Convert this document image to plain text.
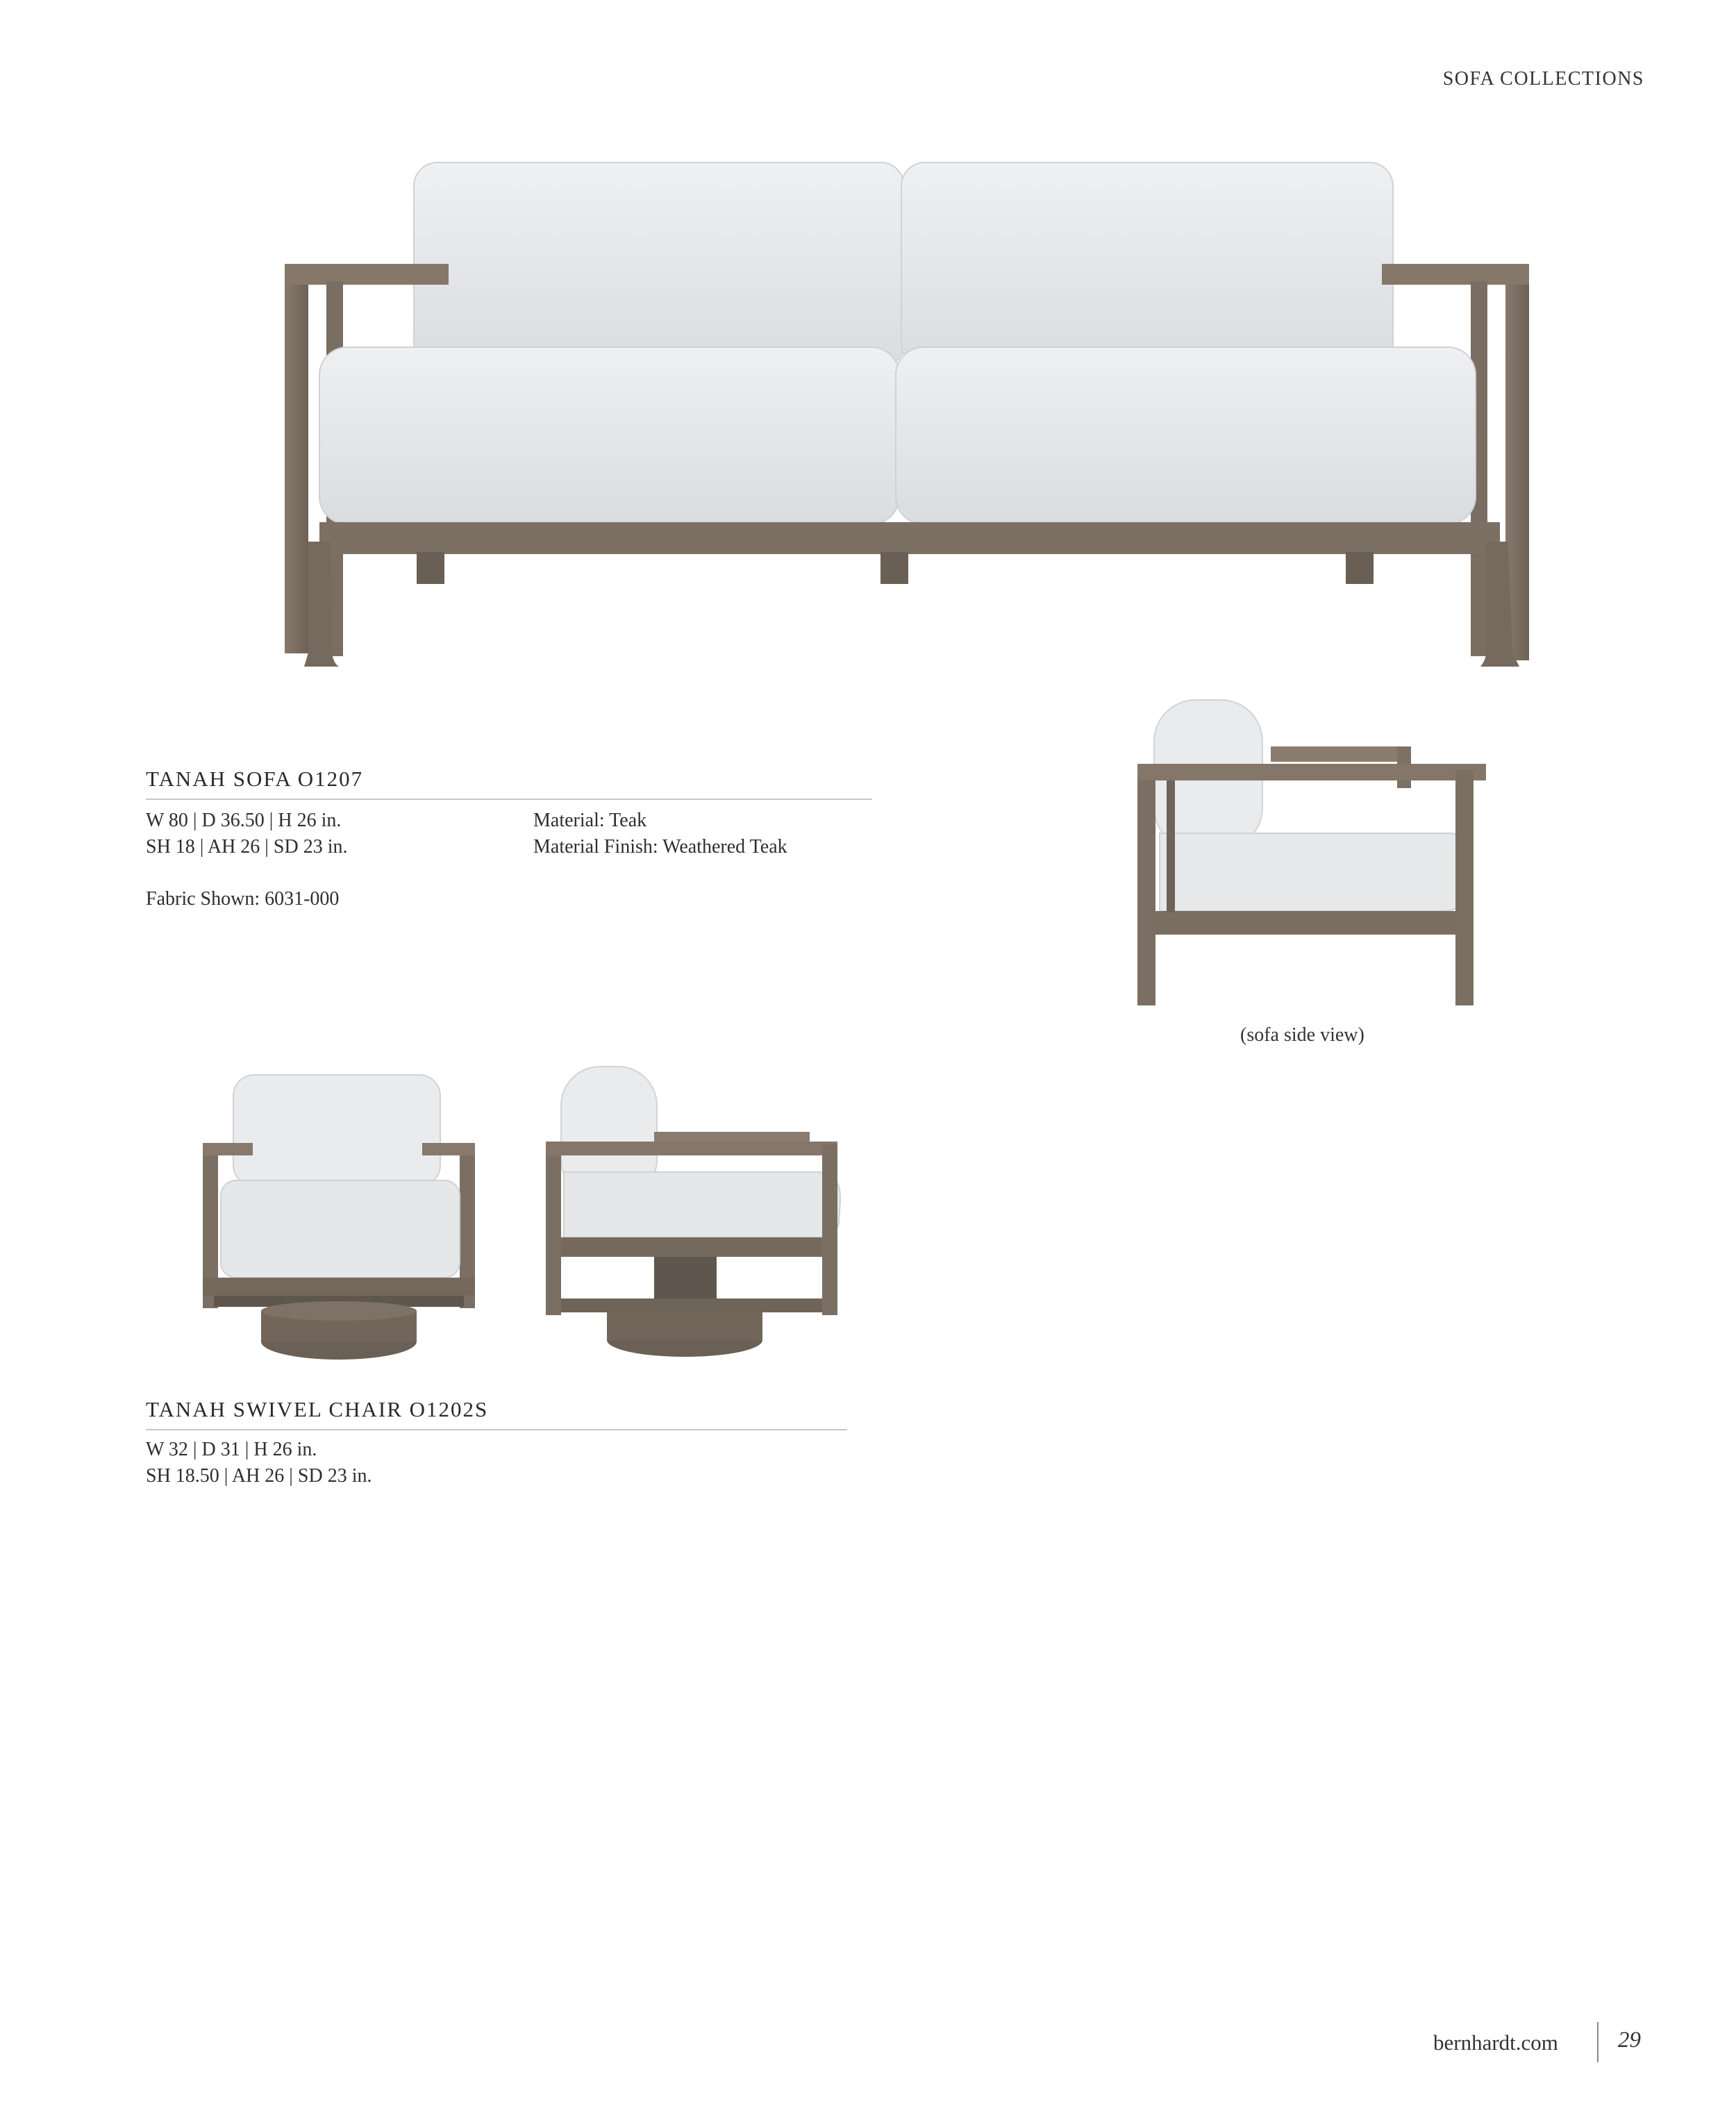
SOFA COLLECTIONS
TANAH SOFA O1207
W 80 | D 36.50 | H 26 in.
SH 18 | AH 26 | SD 23 in.
Material: Teak
Material Finish: Weathered Teak
Fabric Shown: 6031-000
(sofa side view)
TANAH SWIVEL CHAIR O1202S
W 32 | D 31 | H 26 in.
SH 18.50 | AH 26 | SD 23 in.
bernhardt.com	29
